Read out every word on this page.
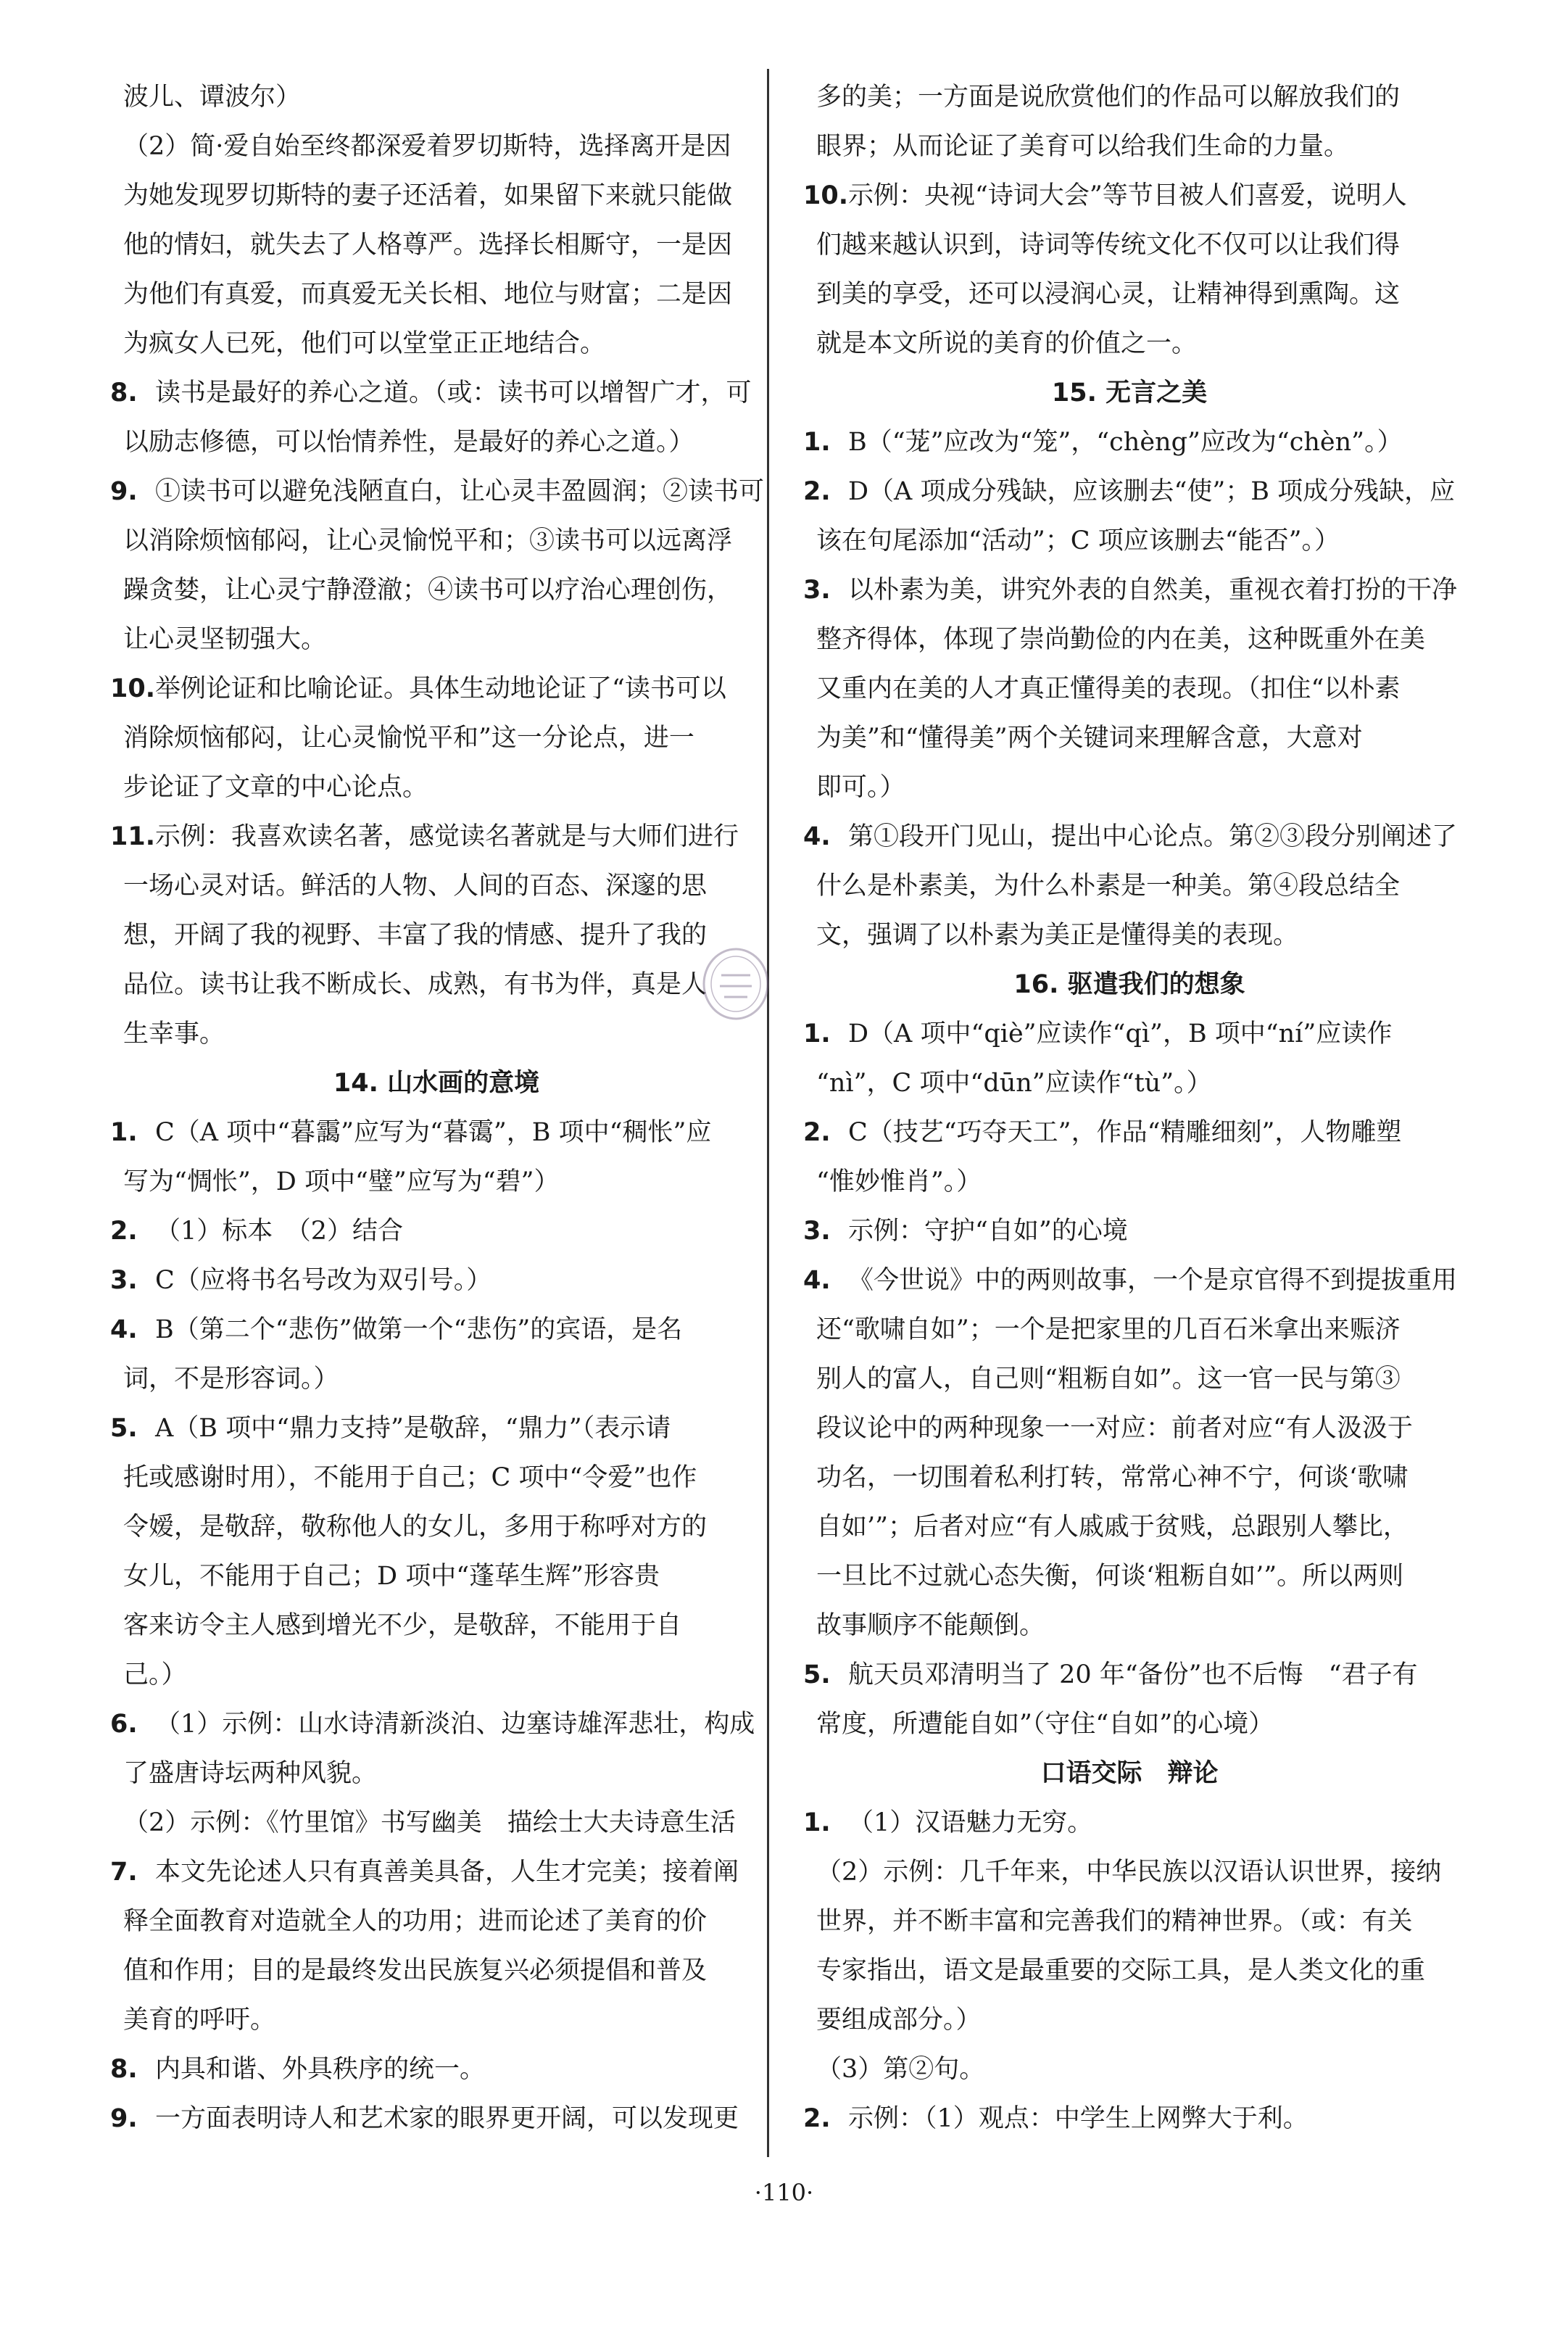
波儿、谭波尔）
（2）简·爱自始至终都深爱着罗切斯特，选择离开是因
为她发现罗切斯特的妻子还活着，如果留下来就只能做
他的情妇，就失去了人格尊严。选择长相厮守，一是因
为他们有真爱，而真爱无关长相、地位与财富；二是因
为疯女人已死，他们可以堂堂正正地结合。
8. 读书是最好的养心之道。（或：读书可以增智广才，可
以励志修德，可以怡情养性，是最好的养心之道。）
9. ①读书可以避免浅陋直白，让心灵丰盈圆润；②读书可
以消除烦恼郁闷，让心灵愉悦平和；③读书可以远离浮
躁贪婪，让心灵宁静澄澈；④读书可以疗治心理创伤，
让心灵坚韧强大。
10. 举例论证和比喻论证。具体生动地论证了“读书可以
消除烦恼郁闷，让心灵愉悦平和”这一分论点，进一
步论证了文章的中心论点。
11. 示例：我喜欢读名著，感觉读名著就是与大师们进行
一场心灵对话。鲜活的人物、人间的百态、深邃的思
想，开阔了我的视野、丰富了我的情感、提升了我的
品位。读书让我不断成长、成熟，有书为伴，真是人
生幸事。
14. 山水画的意境
1. C（A 项中“暮靄”应写为“暮霭”，B 项中“稠怅”应
写为“惆怅”，D 项中“璧”应写为“碧”）
2. （1）标本　（2）结合
3. C（应将书名号改为双引号。）
4. B（第二个“悲伤”做第一个“悲伤”的宾语，是名
词，不是形容词。）
5. A（B 项中“鼎力支持”是敬辞，“鼎力”（表示请
托或感谢时用），不能用于自己；C 项中“令爱”也作
令嫒，是敬辞，敬称他人的女儿，多用于称呼对方的
女儿，不能用于自己；D 项中“蓬荜生辉”形容贵
客来访令主人感到增光不少，是敬辞，不能用于自
己。）
6. （1）示例：山水诗清新淡泊、边塞诗雄浑悲壮，构成
了盛唐诗坛两种风貌。
（2）示例：《竹里馆》书写幽美　描绘士大夫诗意生活
7. 本文先论述人只有真善美具备，人生才完美；接着阐
释全面教育对造就全人的功用；进而论述了美育的价
值和作用；目的是最终发出民族复兴必须提倡和普及
美育的呼吁。
8. 内具和谐、外具秩序的统一。
9. 一方面表明诗人和艺术家的眼界更开阔，可以发现更
多的美；一方面是说欣赏他们的作品可以解放我们的
眼界；从而论证了美育可以给我们生命的力量。
10. 示例：央视“诗词大会”等节目被人们喜爱，说明人
们越来越认识到，诗词等传统文化不仅可以让我们得
到美的享受，还可以浸润心灵，让精神得到熏陶。这
就是本文所说的美育的价值之一。
15. 无言之美
1. B（“茏”应改为“笼”，“chèng”应改为“chèn”。）
2. D（A 项成分残缺，应该删去“使”；B 项成分残缺，应
该在句尾添加“活动”；C 项应该删去“能否”。）
3. 以朴素为美，讲究外表的自然美，重视衣着打扮的干净
整齐得体，体现了崇尚勤俭的内在美，这种既重外在美
又重内在美的人才真正懂得美的表现。（扣住“以朴素
为美”和“懂得美”两个关键词来理解含意，大意对
即可。）
4. 第①段开门见山，提出中心论点。第②③段分别阐述了
什么是朴素美，为什么朴素是一种美。第④段总结全
文，强调了以朴素为美正是懂得美的表现。
16. 驱遣我们的想象
1. D（A 项中“qiè”应读作“qì”，B 项中“ní”应读作
“nì”，C 项中“dūn”应读作“tù”。）
2. C（技艺“巧夺天工”，作品“精雕细刻”，人物雕塑
“惟妙惟肖”。）
3. 示例：守护“自如”的心境
4. 《今世说》中的两则故事，一个是京官得不到提拔重用
还“歌啸自如”；一个是把家里的几百石米拿出来赈济
别人的富人，自己则“粗粝自如”。这一官一民与第③
段议论中的两种现象一一对应：前者对应“有人汲汲于
功名，一切围着私利打转，常常心神不宁，何谈‘歌啸
自如’”；后者对应“有人戚戚于贫贱，总跟别人攀比，
一旦比不过就心态失衡，何谈‘粗粝自如’”。所以两则
故事顺序不能颠倒。
5. 航天员邓清明当了 20 年“备份”也不后悔　“君子有
常度，所遭能自如”（守住“自如”的心境）
口语交际　辩论
1. （1）汉语魅力无穷。
（2）示例：几千年来，中华民族以汉语认识世界，接纳
世界，并不断丰富和完善我们的精神世界。（或：有关
专家指出，语文是最重要的交际工具，是人类文化的重
要组成部分。）
（3）第②句。
2. 示例：（1）观点：中学生上网弊大于利。
·110·
